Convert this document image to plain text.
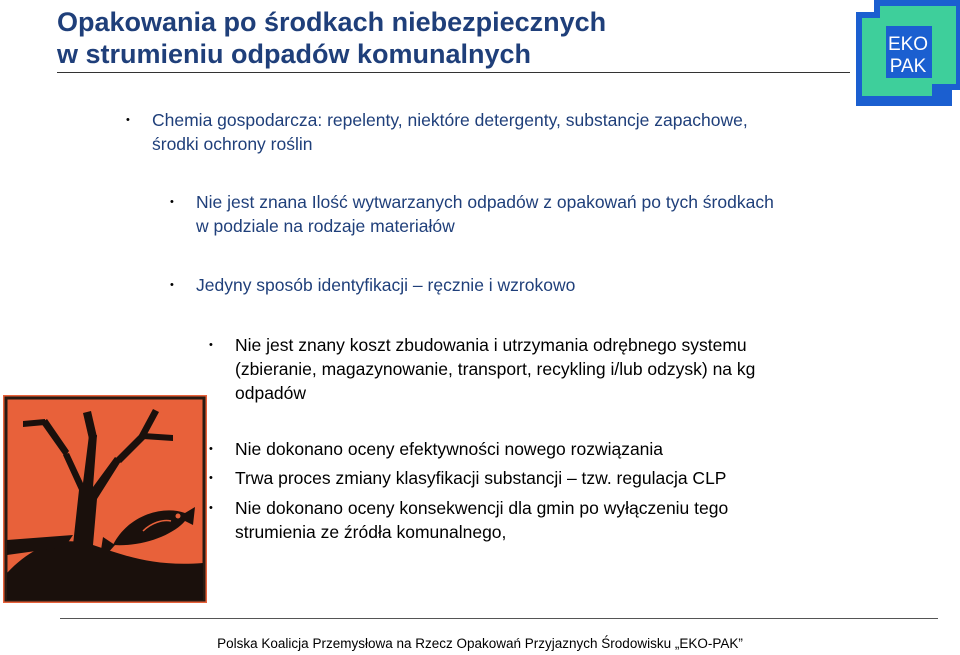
Opakowania po środkach niebezpiecznych
w strumieniu odpadów komunalnych	EKO
PAK
• Chemia gospodarcza: repelenty, niektóre detergenty, substancje zapachowe,
środki ochrony roślin
• Nie jest znana Ilość wytwarzanych odpadów z opakowań po tych środkach
w podziale na rodzaje materiałów
• Jedyny sposób identyfikacji – ręcznie i wzrokowo
• Nie jest znany koszt zbudowania i utrzymania odrębnego systemu
(zbieranie, magazynowanie, transport, recykling i/lub odzysk) na kg
odpadów
• Nie dokonano oceny efektywności nowego rozwiązania
• Trwa proces zmiany klasyfikacji substancji – tzw. regulacja CLP
• Nie dokonano oceny konsekwencji dla gmin po wyłączeniu tego
strumienia ze źródła komunalnego,
Polska Koalicja Przemysłowa na Rzecz Opakowań Przyjaznych Środowisku „EKO-PAK”
